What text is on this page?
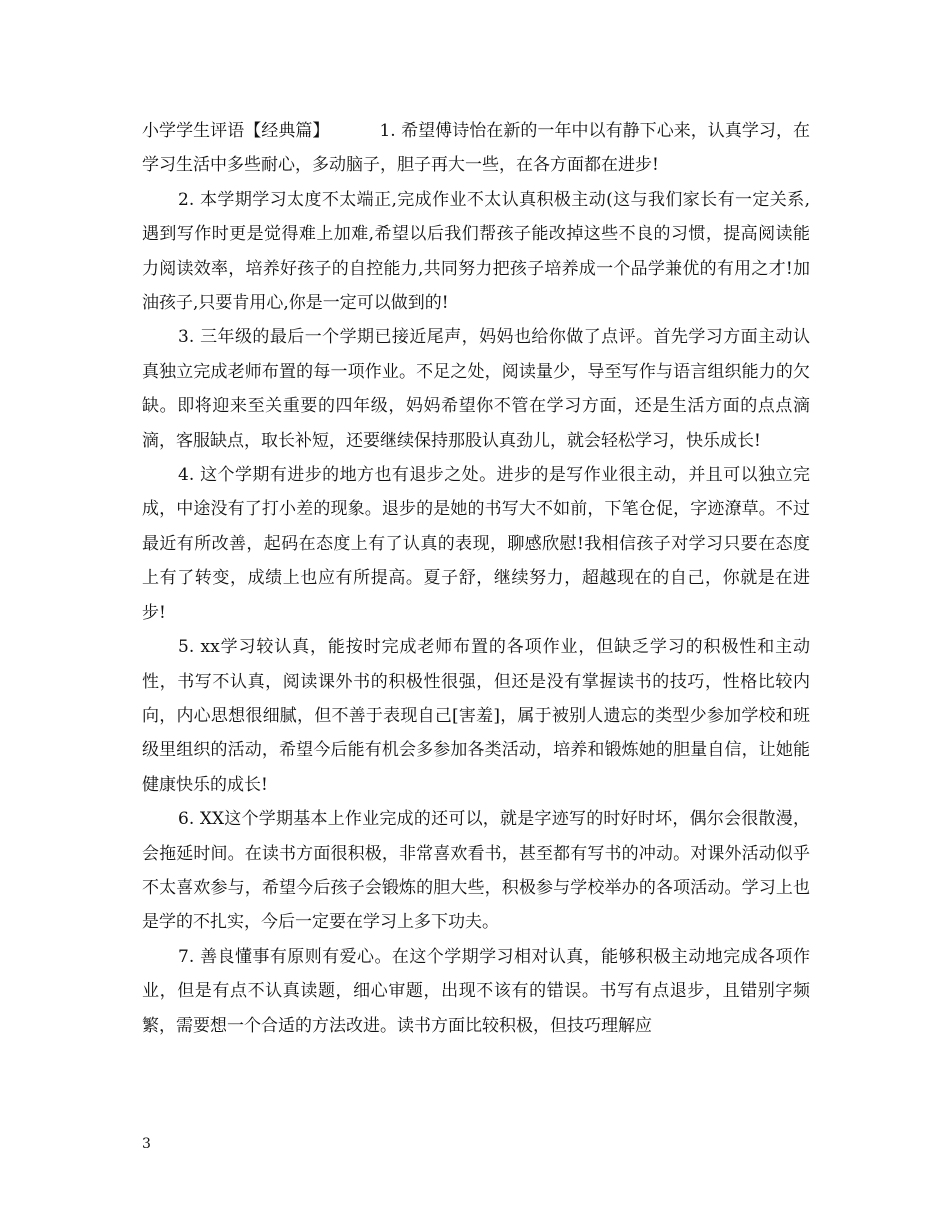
小学学生评语【经典篇】	1. 希望傅诗怡在新的一年中以有静下心来，认真学习，在学习生活中多些耐心，多动脑子，胆子再大一些，在各方面都在进步!

2. 本学期学习太度不太端正,完成作业不太认真积极主动(这与我们家长有一定关系,遇到写作时更是觉得难上加难,希望以后我们帮孩子能改掉这些不良的习惯，提高阅读能力阅读效率，培养好孩子的自控能力,共同努力把孩子培养成一个品学兼优的有用之才!加油孩子,只要肯用心,你是一定可以做到的!

3. 三年级的最后一个学期已接近尾声，妈妈也给你做了点评。首先学习方面主动认真独立完成老师布置的每一项作业。不足之处，阅读量少，导至写作与语言组织能力的欠缺。即将迎来至关重要的四年级，妈妈希望你不管在学习方面，还是生活方面的点点滴滴，客服缺点，取长补短，还要继续保持那股认真劲儿，就会轻松学习，快乐成长!

4. 这个学期有进步的地方也有退步之处。进步的是写作业很主动，并且可以独立完成，中途没有了打小差的现象。退步的是她的书写大不如前，下笔仓促，字迹潦草。不过最近有所改善，起码在态度上有了认真的表现，聊感欣慰!我相信孩子对学习只要在态度上有了转变，成绩上也应有所提高。夏子舒，继续努力，超越现在的自己，你就是在进步!

5. xx学习较认真，能按时完成老师布置的各项作业，但缺乏学习的积极性和主动性，书写不认真，阅读课外书的积极性很强，但还是没有掌握读书的技巧，性格比较内向，内心思想很细腻，但不善于表现自己[害羞]，属于被别人遗忘的类型少参加学校和班级里组织的活动，希望今后能有机会多参加各类活动，培养和锻炼她的胆量自信，让她能健康快乐的成长!

6. XX这个学期基本上作业完成的还可以，就是字迹写的时好时坏，偶尔会很散漫，会拖延时间。在读书方面很积极，非常喜欢看书，甚至都有写书的冲动。对课外活动似乎不太喜欢参与，希望今后孩子会锻炼的胆大些，积极参与学校举办的各项活动。学习上也是学的不扎实，今后一定要在学习上多下功夫。

7. 善良懂事有原则有爱心。在这个学期学习相对认真，能够积极主动地完成各项作业，但是有点不认真读题，细心审题，出现不该有的错误。书写有点退步，且错别字频繁，需要想一个合适的方法改进。读书方面比较积极，但技巧理解应

3
